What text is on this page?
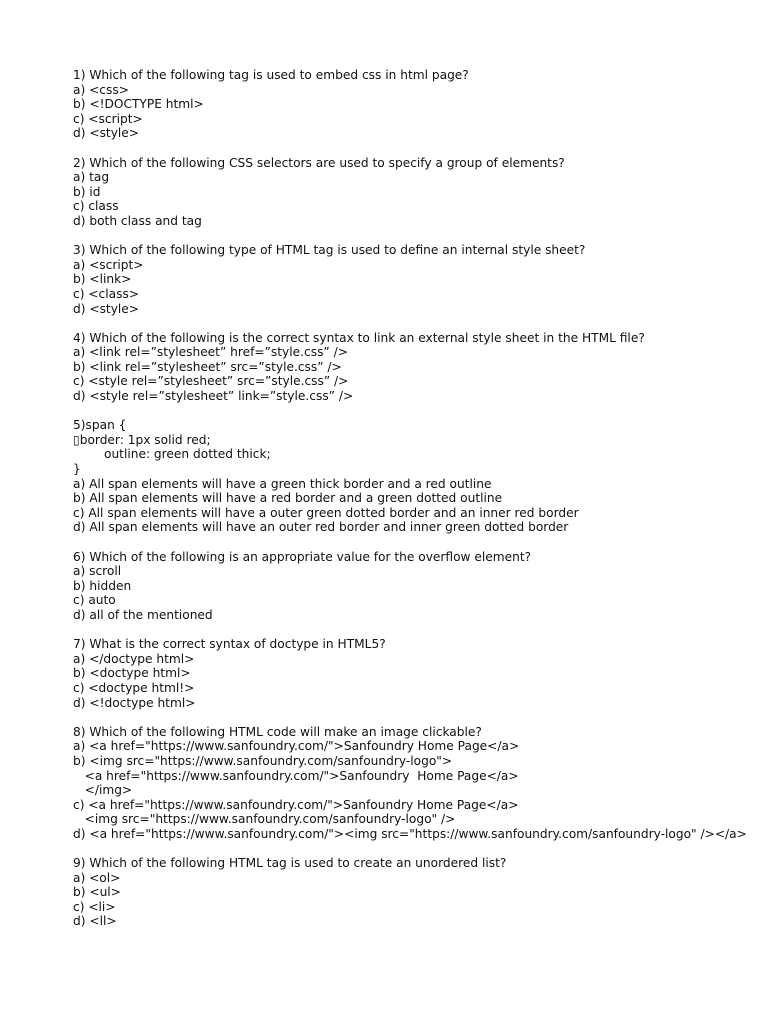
1) Which of the following tag is used to embed css in html page?
a) <css>
b) <!DOCTYPE html>
c) <script>
d) <style>
2) Which of the following CSS selectors are used to specify a group of elements?
a) tag
b) id
c) class
d) both class and tag
3) Which of the following type of HTML tag is used to define an internal style sheet?
a) <script>
b) <link>
c) <class>
d) <style>
4) Which of the following is the correct syntax to link an external style sheet in the HTML file?
a) <link rel=”stylesheet” href=”style.css” />
b) <link rel=”stylesheet” src=”style.css” />
c) <style rel=”stylesheet” src=”style.css” />
d) <style rel=”stylesheet” link=”style.css” />
5)span {
▯border: 1px solid red;
outline: green dotted thick;
}
a) All span elements will have a green thick border and a red outline
b) All span elements will have a red border and a green dotted outline
c) All span elements will have a outer green dotted border and an inner red border
d) All span elements will have an outer red border and inner green dotted border
6) Which of the following is an appropriate value for the overflow element?
a) scroll
b) hidden
c) auto
d) all of the mentioned
7) What is the correct syntax of doctype in HTML5?
a) </doctype html>
b) <doctype html>
c) <doctype html!>
d) <!doctype html>
8) Which of the following HTML code will make an image clickable?
a) <a href="https://www.sanfoundry.com/">Sanfoundry Home Page</a>
b) <img src="https://www.sanfoundry.com/sanfoundry-logo">
<a href="https://www.sanfoundry.com/">Sanfoundry  Home Page</a>
</img>
c) <a href="https://www.sanfoundry.com/">Sanfoundry Home Page</a>
<img src="https://www.sanfoundry.com/sanfoundry-logo" />
d) <a href="https://www.sanfoundry.com/"><img src="https://www.sanfoundry.com/sanfoundry-logo" /></a>
9) Which of the following HTML tag is used to create an unordered list?
a) <ol>
b) <ul>
c) <li>
d) <ll>
